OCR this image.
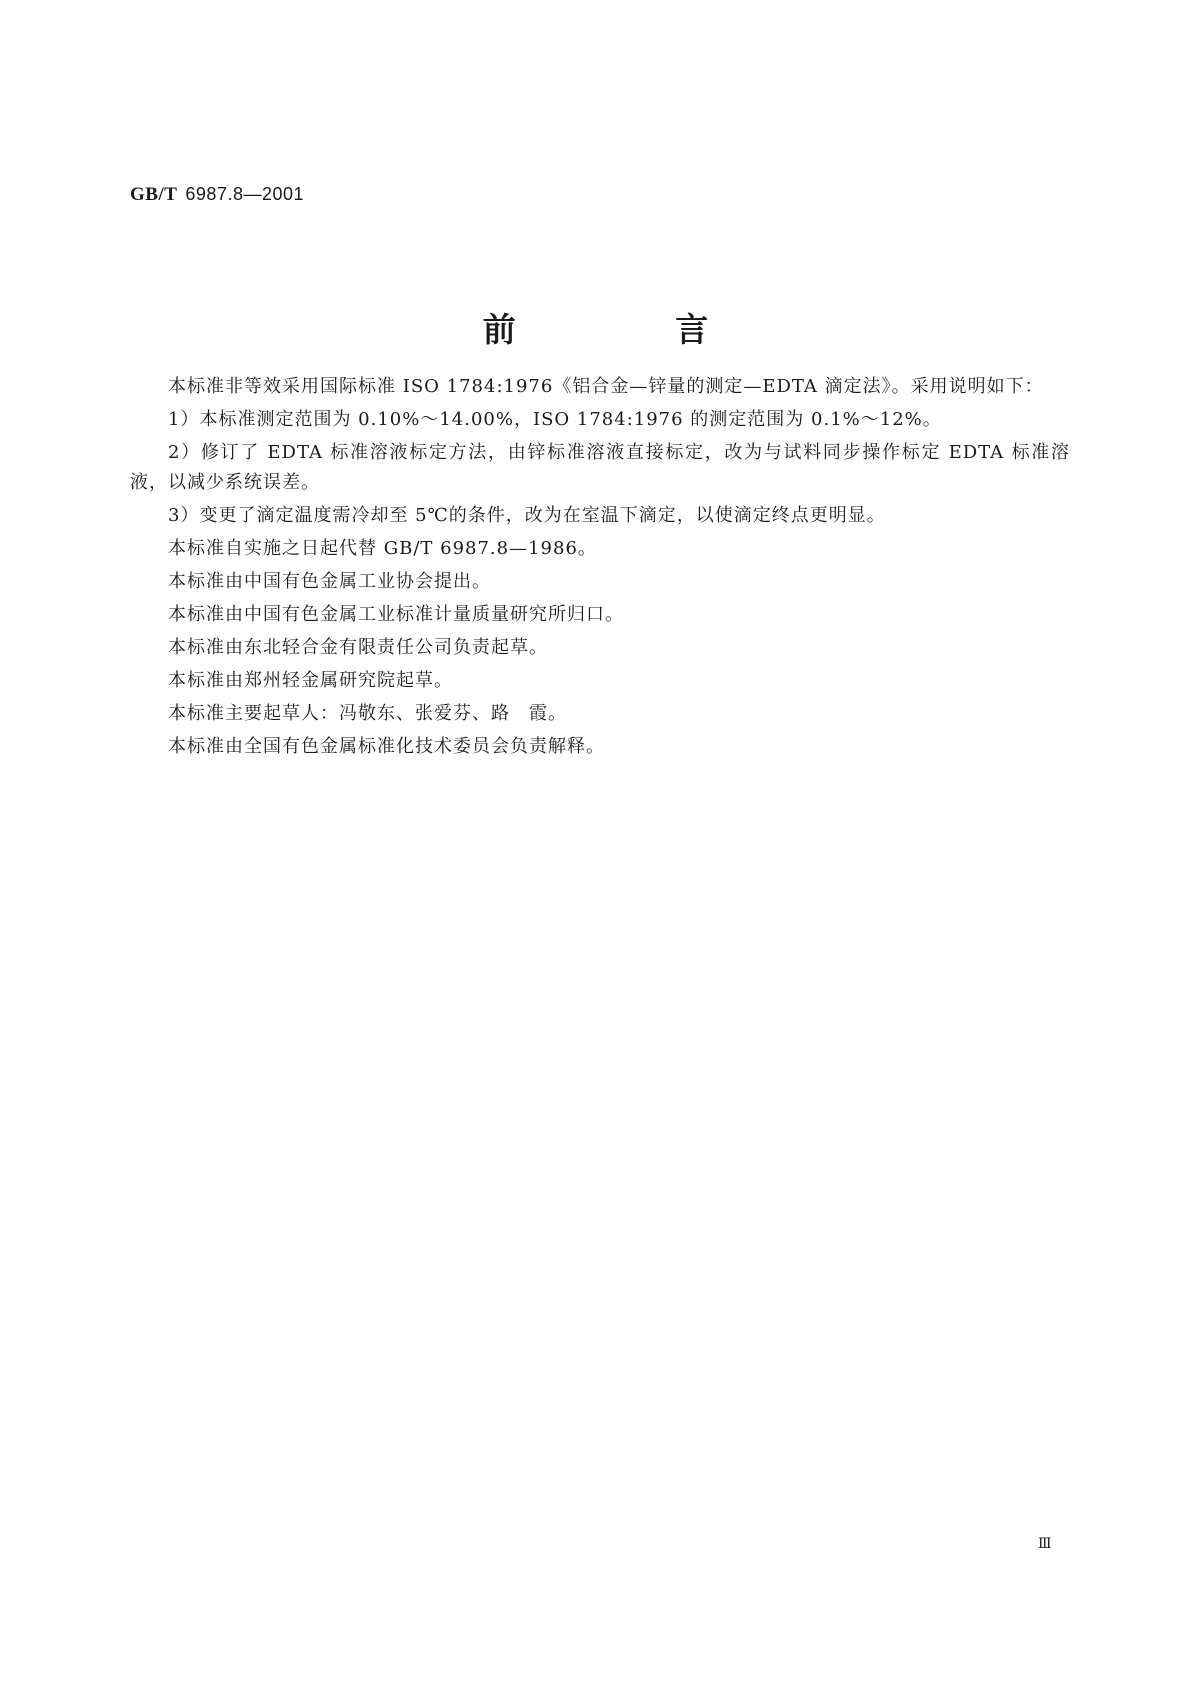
GB/T 6987.8—2001
前 言

本标准非等效采用国际标准 ISO 1784:1976《铝合金—锌量的测定—EDTA 滴定法》。采用说明如下：

1）本标准测定范围为 0.10%～14.00%，ISO 1784:1976 的测定范围为 0.1%～12%。

2）修订了 EDTA 标准溶液标定方法，由锌标准溶液直接标定，改为与试料同步操作标定 EDTA 标准溶液，以减少系统误差。

3）变更了滴定温度需冷却至 5℃的条件，改为在室温下滴定，以使滴定终点更明显。

本标准自实施之日起代替 GB/T 6987.8—1986。

本标准由中国有色金属工业协会提出。

本标准由中国有色金属工业标准计量质量研究所归口。

本标准由东北轻合金有限责任公司负责起草。

本标准由郑州轻金属研究院起草。

本标准主要起草人：冯敬东、张爱芬、路　霞。

本标准由全国有色金属标准化技术委员会负责解释。

Ⅲ
